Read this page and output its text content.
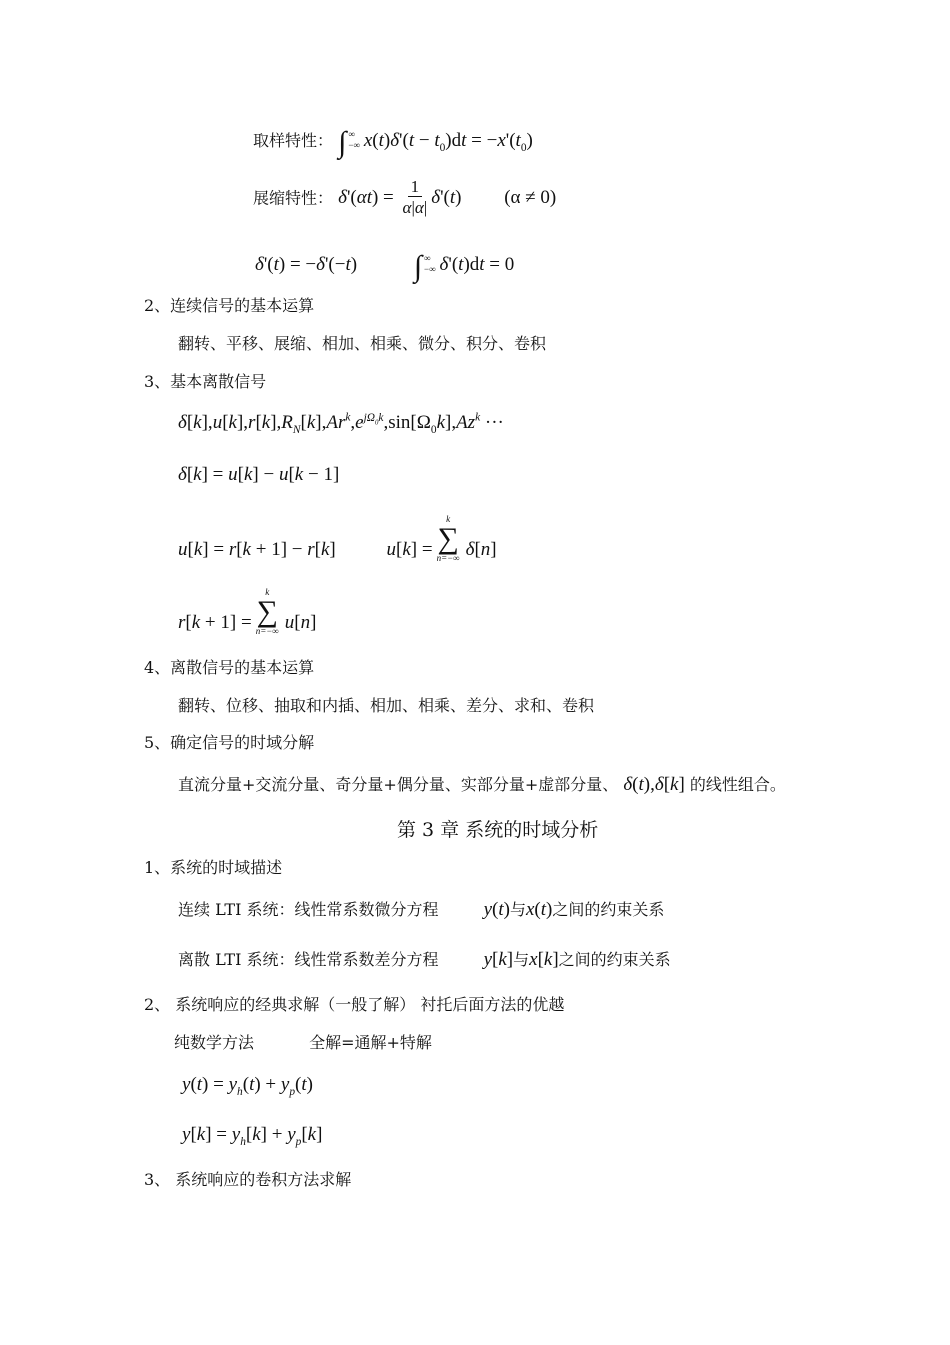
取样特性： ∫ ∞
−∞ $x(t)\delta'(t - t_0)dt = -x'(t_0)$
展缩特性： $\delta'(\alpha t) = \frac{1}{\alpha|\alpha|} \delta'(t) (\alpha \ne 0)$
δ'(t) = −δ'(−t) ∫ ∞
−∞ δ'(t)dt = 0
2、连续信号的基本运算
翻转、平移、展缩、相加、相乘、微分、积分、卷积
3、基本离散信号
$\delta[k],u[k],r[k],R_N[k],Ar^k,e^{j\Omega_0k},\sin[\Omega_0k],Az^k$ ···
δ[k] = u[k] − u[k − 1]
u[k] = r[k + 1] − r[k]	u[k] =
k
∑
n=−∞ δ[n]
r[k + 1] =
k
∑
n=−∞ u[n]
4、离散信号的基本运算
翻转、位移、抽取和内插、相加、相乘、差分、求和、卷积
5、确定信号的时域分解
直流分量+交流分量、奇分量+偶分量、实部分量+虚部分量、 δ(t),δ[k] 的线性组合。
第 3 章 系统的时域分析
1、系统的时域描述
连续 LTI 系统：线性常系数微分方程 y(t)与x(t)之间的约束关系
离散 LTI 系统：线性常系数差分方程 y[k]与x[k]之间的约束关系
2、 系统响应的经典求解（一般了解） 衬托后面方法的优越
纯数学方法	全解=通解+特解
$y(t) = y_h(t) + y_p(t)$
$y[k] = y_h[k] + y_p[k]$
3、 系统响应的卷积方法求解
